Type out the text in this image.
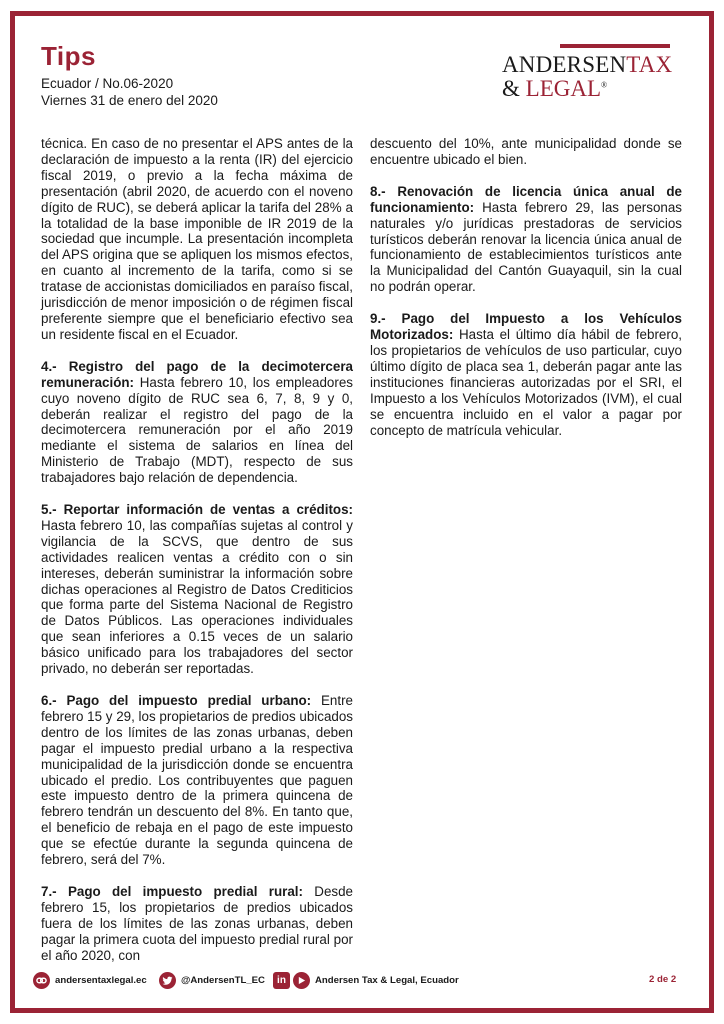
Tips
Ecuador / No.06-2020
Viernes 31 de enero del 2020
ANDERSENTAX
& LEGAL®

técnica. En caso de no presentar el APS antes de la declaración de impuesto a la renta (IR) del ejercicio fiscal 2019, o previo a la fecha máxima de presentación (abril 2020, de acuerdo con el noveno dígito de RUC), se deberá aplicar la tarifa del 28% a la totalidad de la base imponible de IR 2019 de la sociedad que incumple. La presentación incompleta del APS origina que se apliquen los mismos efectos, en cuanto al incremento de la tarifa, como si se tratase de accionistas domiciliados en paraíso fiscal, jurisdicción de menor imposición o de régimen fiscal preferente siempre que el beneficiario efectivo sea un residente fiscal en el Ecuador.

4.- Registro del pago de la decimotercera remuneración: Hasta febrero 10, los empleadores cuyo noveno dígito de RUC sea 6, 7, 8, 9 y 0, deberán realizar el registro del pago de la decimotercera remuneración por el año 2019 mediante el sistema de salarios en línea del Ministerio de Trabajo (MDT), respecto de sus trabajadores bajo relación de dependencia.

5.- Reportar información de ventas a créditos: Hasta febrero 10, las compañías sujetas al control y vigilancia de la SCVS, que dentro de sus actividades realicen ventas a crédito con o sin intereses, deberán suministrar la información sobre dichas operaciones al Registro de Datos Crediticios que forma parte del Sistema Nacional de Registro de Datos Públicos. Las operaciones individuales que sean inferiores a 0.15 veces de un salario básico unificado para los trabajadores del sector privado, no deberán ser reportadas.

6.- Pago del impuesto predial urbano: Entre febrero 15 y 29, los propietarios de predios ubicados dentro de los límites de las zonas urbanas, deben pagar el impuesto predial urbano a la respectiva municipalidad de la jurisdicción donde se encuentra ubicado el predio. Los contribuyentes que paguen este impuesto dentro de la primera quincena de febrero tendrán un descuento del 8%. En tanto que, el beneficio de rebaja en el pago de este impuesto que se efectúe durante la segunda quincena de febrero, será del 7%.

7.- Pago del impuesto predial rural: Desde febrero 15, los propietarios de predios ubicados fuera de los límites de las zonas urbanas, deben pagar la primera cuota del impuesto predial rural por el año 2020, con

descuento del 10%, ante municipalidad donde se encuentre ubicado el bien.

8.- Renovación de licencia única anual de funcionamiento: Hasta febrero 29, las personas naturales y/o jurídicas prestadoras de servicios turísticos deberán renovar la licencia única anual de funcionamiento de establecimientos turísticos ante la Municipalidad del Cantón Guayaquil, sin la cual no podrán operar.

9.- Pago del Impuesto a los Vehículos Motorizados: Hasta el último día hábil de febrero, los propietarios de vehículos de uso particular, cuyo último dígito de placa sea 1, deberán pagar ante las instituciones financieras autorizadas por el SRI, el Impuesto a los Vehículos Motorizados (IVM), el cual se encuentra incluido en el valor a pagar por concepto de matrícula vehicular.

andersentaxlegal.ec	@AndersenTL_EC	in	Andersen Tax & Legal, Ecuador	2 de 2
